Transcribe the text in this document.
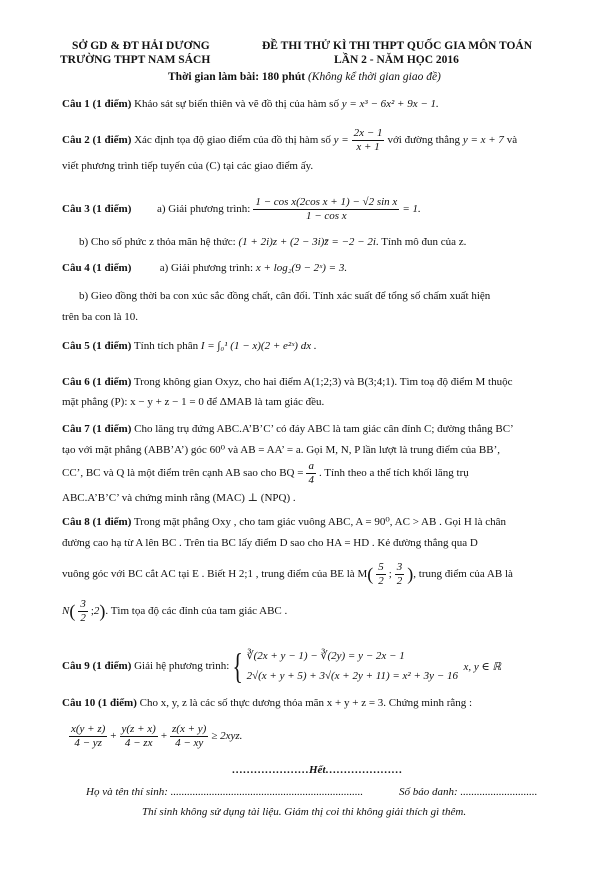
SỞ GD & ĐT HẢI DƯƠNG
TRƯỜNG THPT NAM SÁCH
ĐỀ THI THỬ KÌ THI THPT QUỐC GIA MÔN TOÁN
LẦN 2 - NĂM HỌC 2016
Thời gian làm bài: 180 phút (Không kể thời gian giao đề)
Câu 1 (1 điểm) Khảo sát sự biến thiên và vẽ đồ thị của hàm số y = x³ − 6x² + 9x − 1.
Câu 2 (1 điểm)
Xác định tọa độ giao điểm của đồ thị hàm số
$y = \frac{2x - 1}{x + 1}$ với đường thẳng
y = x + 7
và
viết phương trình tiếp tuyến của (C) tại các giao điểm ấy.
Câu 3 (1 điểm)	a) Giải phương trình: $\frac{\text{1 − cos x(2cos x + 1) − √2 sin x}}{\text{1 − cos x}} = 1$.
b) Cho số phức z thỏa mãn hệ thức: (1 + 2i)z + (2 − 3i)z̄ = −2 − 2i. Tính mô đun của z.
Câu 4 (1 điểm)	a) Giải phương trình: x + log₂(9 − 2ˣ) = 3.
b) Gieo đồng thời ba con xúc sắc đồng chất, cân đối. Tính xác suất để tổng số chấm xuất hiện
trên ba con là 10.
Câu 5 (1 điểm) Tính tích phân I = ∫₀¹ (1 − x)(2 + e²ˣ) dx .
Câu 6 (1 điểm) Trong không gian Oxyz, cho hai điểm A(1;2;3) và B(3;4;1). Tìm toạ độ điểm M thuộc
mặt phẳng (P): x − y + z − 1 = 0 để ΔMAB là tam giác đều.
Câu 7 (1 điểm) Cho lăng trụ đứng ABC.A’B’C’ có đáy ABC là tam giác cân đỉnh C; đường thẳng BC’
tạo với mặt phẳng (ABB’A’) góc 60⁰ và AB = AA’ = a. Gọi M, N, P lần lượt là trung điểm của BB’,
CC’, BC và Q là một điểm trên cạnh AB sao cho BQ = $\frac{a}{4}$ . Tính theo a thể tích khối lăng trụ
ABC.A’B’C’ và chứng minh rằng (MAC) ⊥ (NPQ) .
Câu 8 (1 điểm) Trong mặt phẳng Oxy , cho tam giác vuông ABC, A = 90⁰, AC > AB . Gọi H là chân
đường cao hạ từ A lên BC . Trên tia BC lấy điểm D sao cho HA = HD . Kẻ đường thẳng qua D
vuông góc với BC cắt AC tại E . Biết H 2;1 , trung điểm của BE là M ( $\frac{5}{2}$ ; $\frac{3}{2}$ ) , trung điểm của AB là
N ( $\frac{3}{2}$ ; 2 ) . Tìm tọa độ các đỉnh của tam giác ABC .
Câu 9 (1 điểm)
Giải hệ phương trình: { ∛(2x + y − 1) − ∛(2y) = y − 2x − 1
2√(x + y + 5) + 3√(x + 2y + 11) = x² + 3y − 16

x, y ∈ ℝ
Câu 10 (1 điểm) Cho x, y, z là các số thực dương thỏa mãn x + y + z = 3. Chứng minh rằng :
$\frac{x(y + z)}{4 - yz} + \frac{y(z + x)}{4 - zx} + \frac{z(x + y)}{4 - xy} \ge 2xyz$.
…………………Hết…………………
Họ và tên thí sinh: ......................................................................	Số báo danh: ............................
Thí sinh không sử dụng tài liệu. Giám thị coi thi không giải thích gì thêm.
